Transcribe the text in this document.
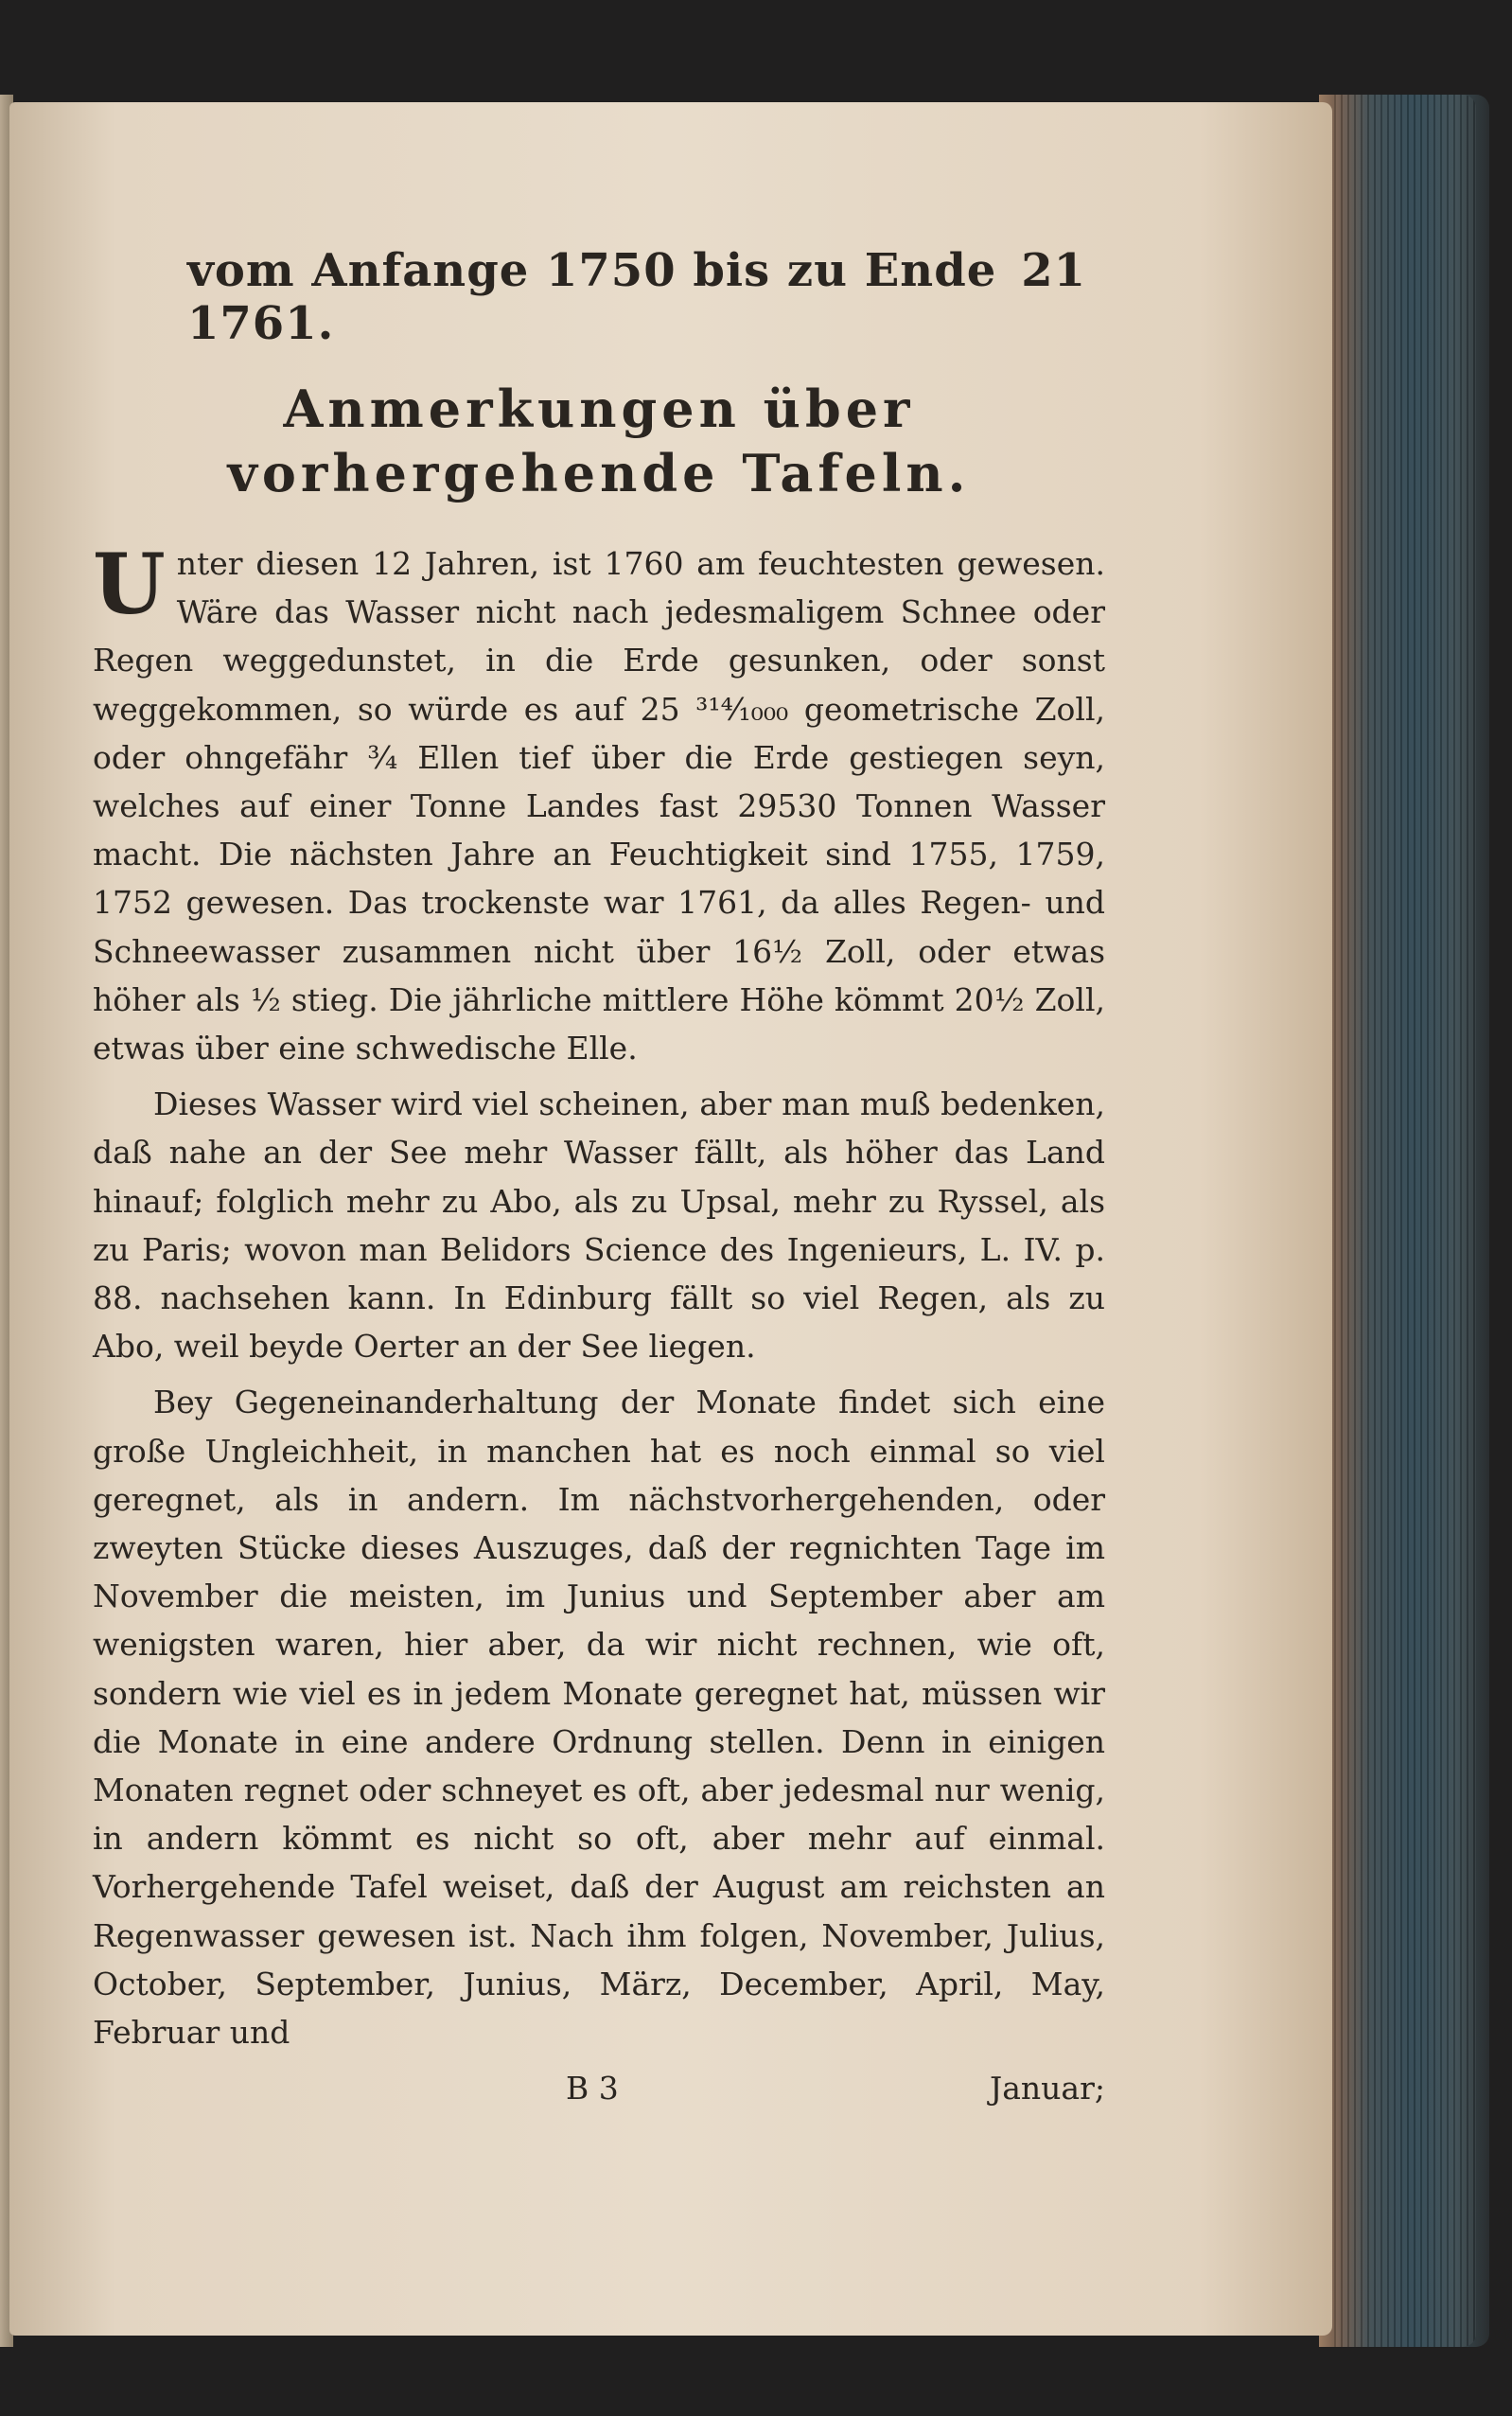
vom Anfange 1750 bis zu Ende 1761.
21
Anmerkungen über vorhergehende Tafeln.

Unter diesen 12 Jahren, ist 1760 am feuchtesten gewesen. Wäre das Wasser nicht nach jedesmaligem Schnee oder Regen weggedunstet, in die Erde gesunken, oder sonst weggekommen, so würde es auf 25 ³¹⁴⁄₁₀₀₀ geometrische Zoll, oder ohngefähr ¾ Ellen tief über die Erde gestiegen seyn, welches auf einer Tonne Landes fast 29530 Tonnen Wasser macht. Die nächsten Jahre an Feuchtigkeit sind 1755, 1759, 1752 gewesen. Das trockenste war 1761, da alles Regen- und Schneewasser zusammen nicht über 16½ Zoll, oder etwas höher als ½ stieg. Die jährliche mittlere Höhe kömmt 20½ Zoll, etwas über eine schwedische Elle.

Dieses Wasser wird viel scheinen, aber man muß bedenken, daß nahe an der See mehr Wasser fällt, als höher das Land hinauf; folglich mehr zu Abo, als zu Upsal, mehr zu Ryssel, als zu Paris; wovon man Belidors Science des Ingenieurs, L. IV. p. 88. nachsehen kann. In Edinburg fällt so viel Regen, als zu Abo, weil beyde Oerter an der See liegen.

Bey Gegeneinanderhaltung der Monate findet sich eine große Ungleichheit, in manchen hat es noch einmal so viel geregnet, als in andern. Im nächstvorhergehenden, oder zweyten Stücke dieses Auszuges, daß der regnichten Tage im November die meisten, im Junius und September aber am wenigsten waren, hier aber, da wir nicht rechnen, wie oft, sondern wie viel es in jedem Monate geregnet hat, müssen wir die Monate in eine andere Ordnung stellen. Denn in einigen Monaten regnet oder schneyet es oft, aber jedesmal nur wenig, in andern kömmt es nicht so oft, aber mehr auf einmal. Vorhergehende Tafel weiset, daß der August am reichsten an Regenwasser gewesen ist. Nach ihm folgen, November, Julius, October, September, Junius, März, December, April, May, Februar und

B 3	Januar;
